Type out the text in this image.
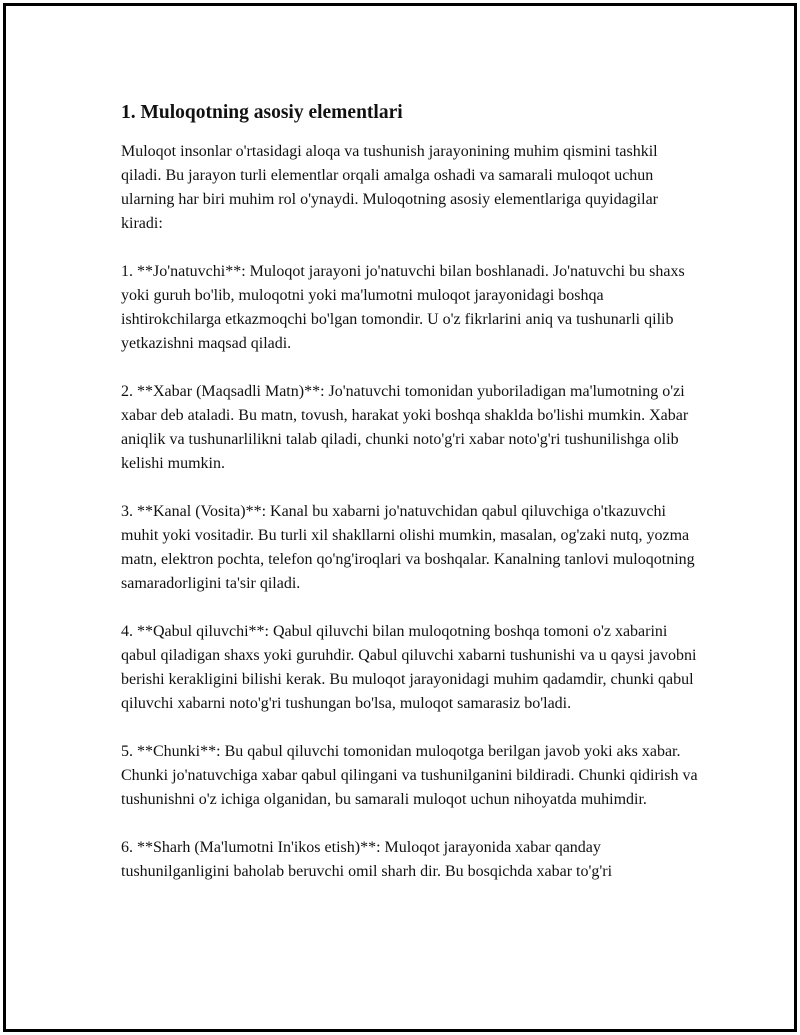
1. Muloqotning asosiy elementlari

Muloqot insonlar o'rtasidagi aloqa va tushunish jarayonining muhim qismini tashkil qiladi. Bu jarayon turli elementlar orqali amalga oshadi va samarali muloqot uchun ularning har biri muhim rol o'ynaydi. Muloqotning asosiy elementlariga quyidagilar kiradi:

1. **Jo'natuvchi**: Muloqot jarayoni jo'natuvchi bilan boshlanadi. Jo'natuvchi bu shaxs yoki guruh bo'lib, muloqotni yoki ma'lumotni muloqot jarayonidagi boshqa ishtirokchilarga etkazmoqchi bo'lgan tomondir. U o'z fikrlarini aniq va tushunarli qilib yetkazishni maqsad qiladi.

2. **Xabar (Maqsadli Matn)**: Jo'natuvchi tomonidan yuboriladigan ma'lumotning o'zi xabar deb ataladi. Bu matn, tovush, harakat yoki boshqa shaklda bo'lishi mumkin. Xabar aniqlik va tushunarlilikni talab qiladi, chunki noto'g'ri xabar noto'g'ri tushunilishga olib kelishi mumkin.

3. **Kanal (Vosita)**: Kanal bu xabarni jo'natuvchidan qabul qiluvchiga o'tkazuvchi muhit yoki vositadir. Bu turli xil shakllarni olishi mumkin, masalan, og'zaki nutq, yozma matn, elektron pochta, telefon qo'ng'iroqlari va boshqalar. Kanalning tanlovi muloqotning samaradorligini ta'sir qiladi.

4. **Qabul qiluvchi**: Qabul qiluvchi bilan muloqotning boshqa tomoni o'z xabarini qabul qiladigan shaxs yoki guruhdir. Qabul qiluvchi xabarni tushunishi va u qaysi javobni berishi kerakligini bilishi kerak. Bu muloqot jarayonidagi muhim qadamdir, chunki qabul qiluvchi xabarni noto'g'ri tushungan bo'lsa, muloqot samarasiz bo'ladi.

5. **Chunki**: Bu qabul qiluvchi tomonidan muloqotga berilgan javob yoki aks xabar. Chunki jo'natuvchiga xabar qabul qilingani va tushunilganini bildiradi. Chunki qidirish va tushunishni o'z ichiga olganidan, bu samarali muloqot uchun nihoyatda muhimdir.

6. **Sharh (Ma'lumotni In'ikos etish)**: Muloqot jarayonida xabar qanday tushunilganligini baholab beruvchi omil sharh dir. Bu bosqichda xabar to'g'ri
